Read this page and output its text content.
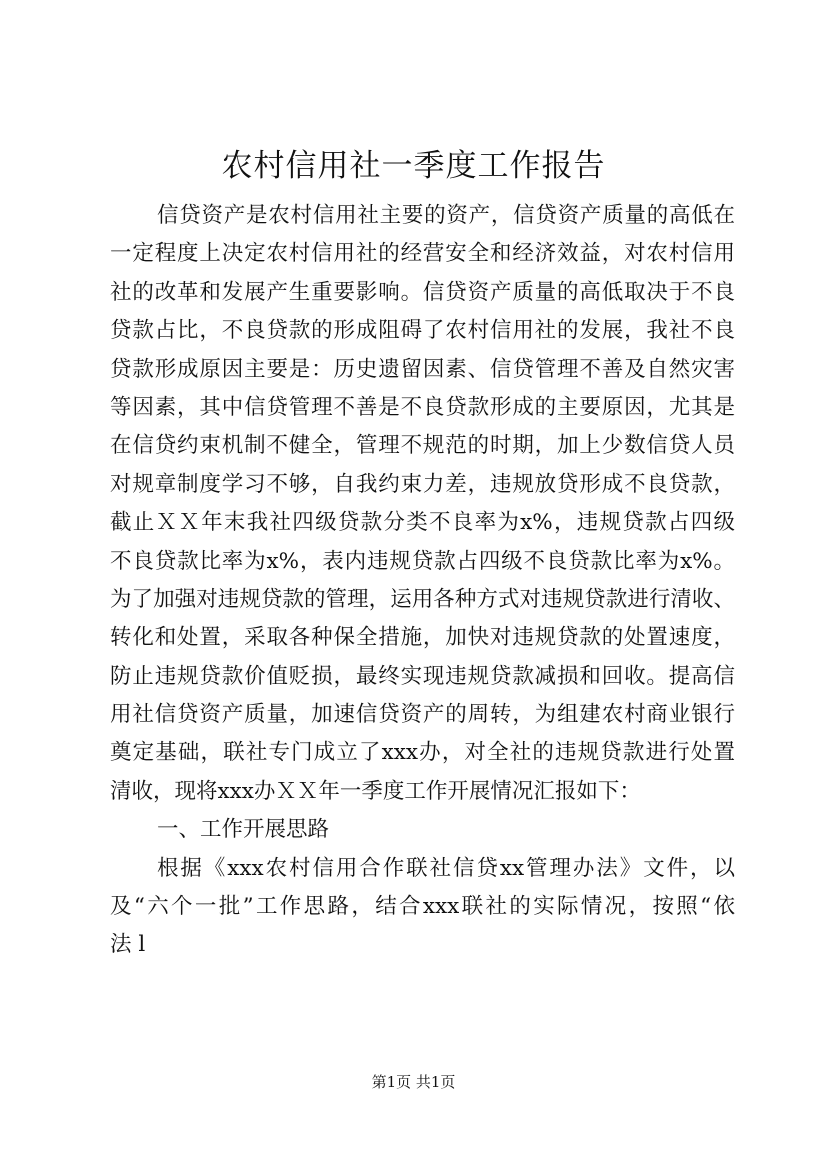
农村信用社一季度工作报告
信贷资产是农村信用社主要的资产，信贷资产质量的高低在
一定程度上决定农村信用社的经营安全和经济效益，对农村信用
社的改革和发展产生重要影响。信贷资产质量的高低取决于不良
贷款占比，不良贷款的形成阻碍了农村信用社的发展，我社不良
贷款形成原因主要是：历史遗留因素、信贷管理不善及自然灾害
等因素，其中信贷管理不善是不良贷款形成的主要原因，尤其是
在信贷约束机制不健全，管理不规范的时期，加上少数信贷人员
对规章制度学习不够，自我约束力差，违规放贷形成不良贷款，
截止ＸＸ年末我社四级贷款分类不良率为x%，违规贷款占四级
不良贷款比率为x%，表内违规贷款占四级不良贷款比率为x%。
为了加强对违规贷款的管理，运用各种方式对违规贷款进行清收、
转化和处置，采取各种保全措施，加快对违规贷款的处置速度，
防止违规贷款价值贬损，最终实现违规贷款减损和回收。提高信
用社信贷资产质量，加速信贷资产的周转，为组建农村商业银行
奠定基础，联社专门成立了xxx办，对全社的违规贷款进行处置
清收，现将xxx办ＸＸ年一季度工作开展情况汇报如下：
一、工作开展思路
根据《xxx农村信用合作联社信贷xx管理办法》文件，以
及“六个一批”工作思路，结合xxx联社的实际情况，按照“依
法 l
第1页 共1页
